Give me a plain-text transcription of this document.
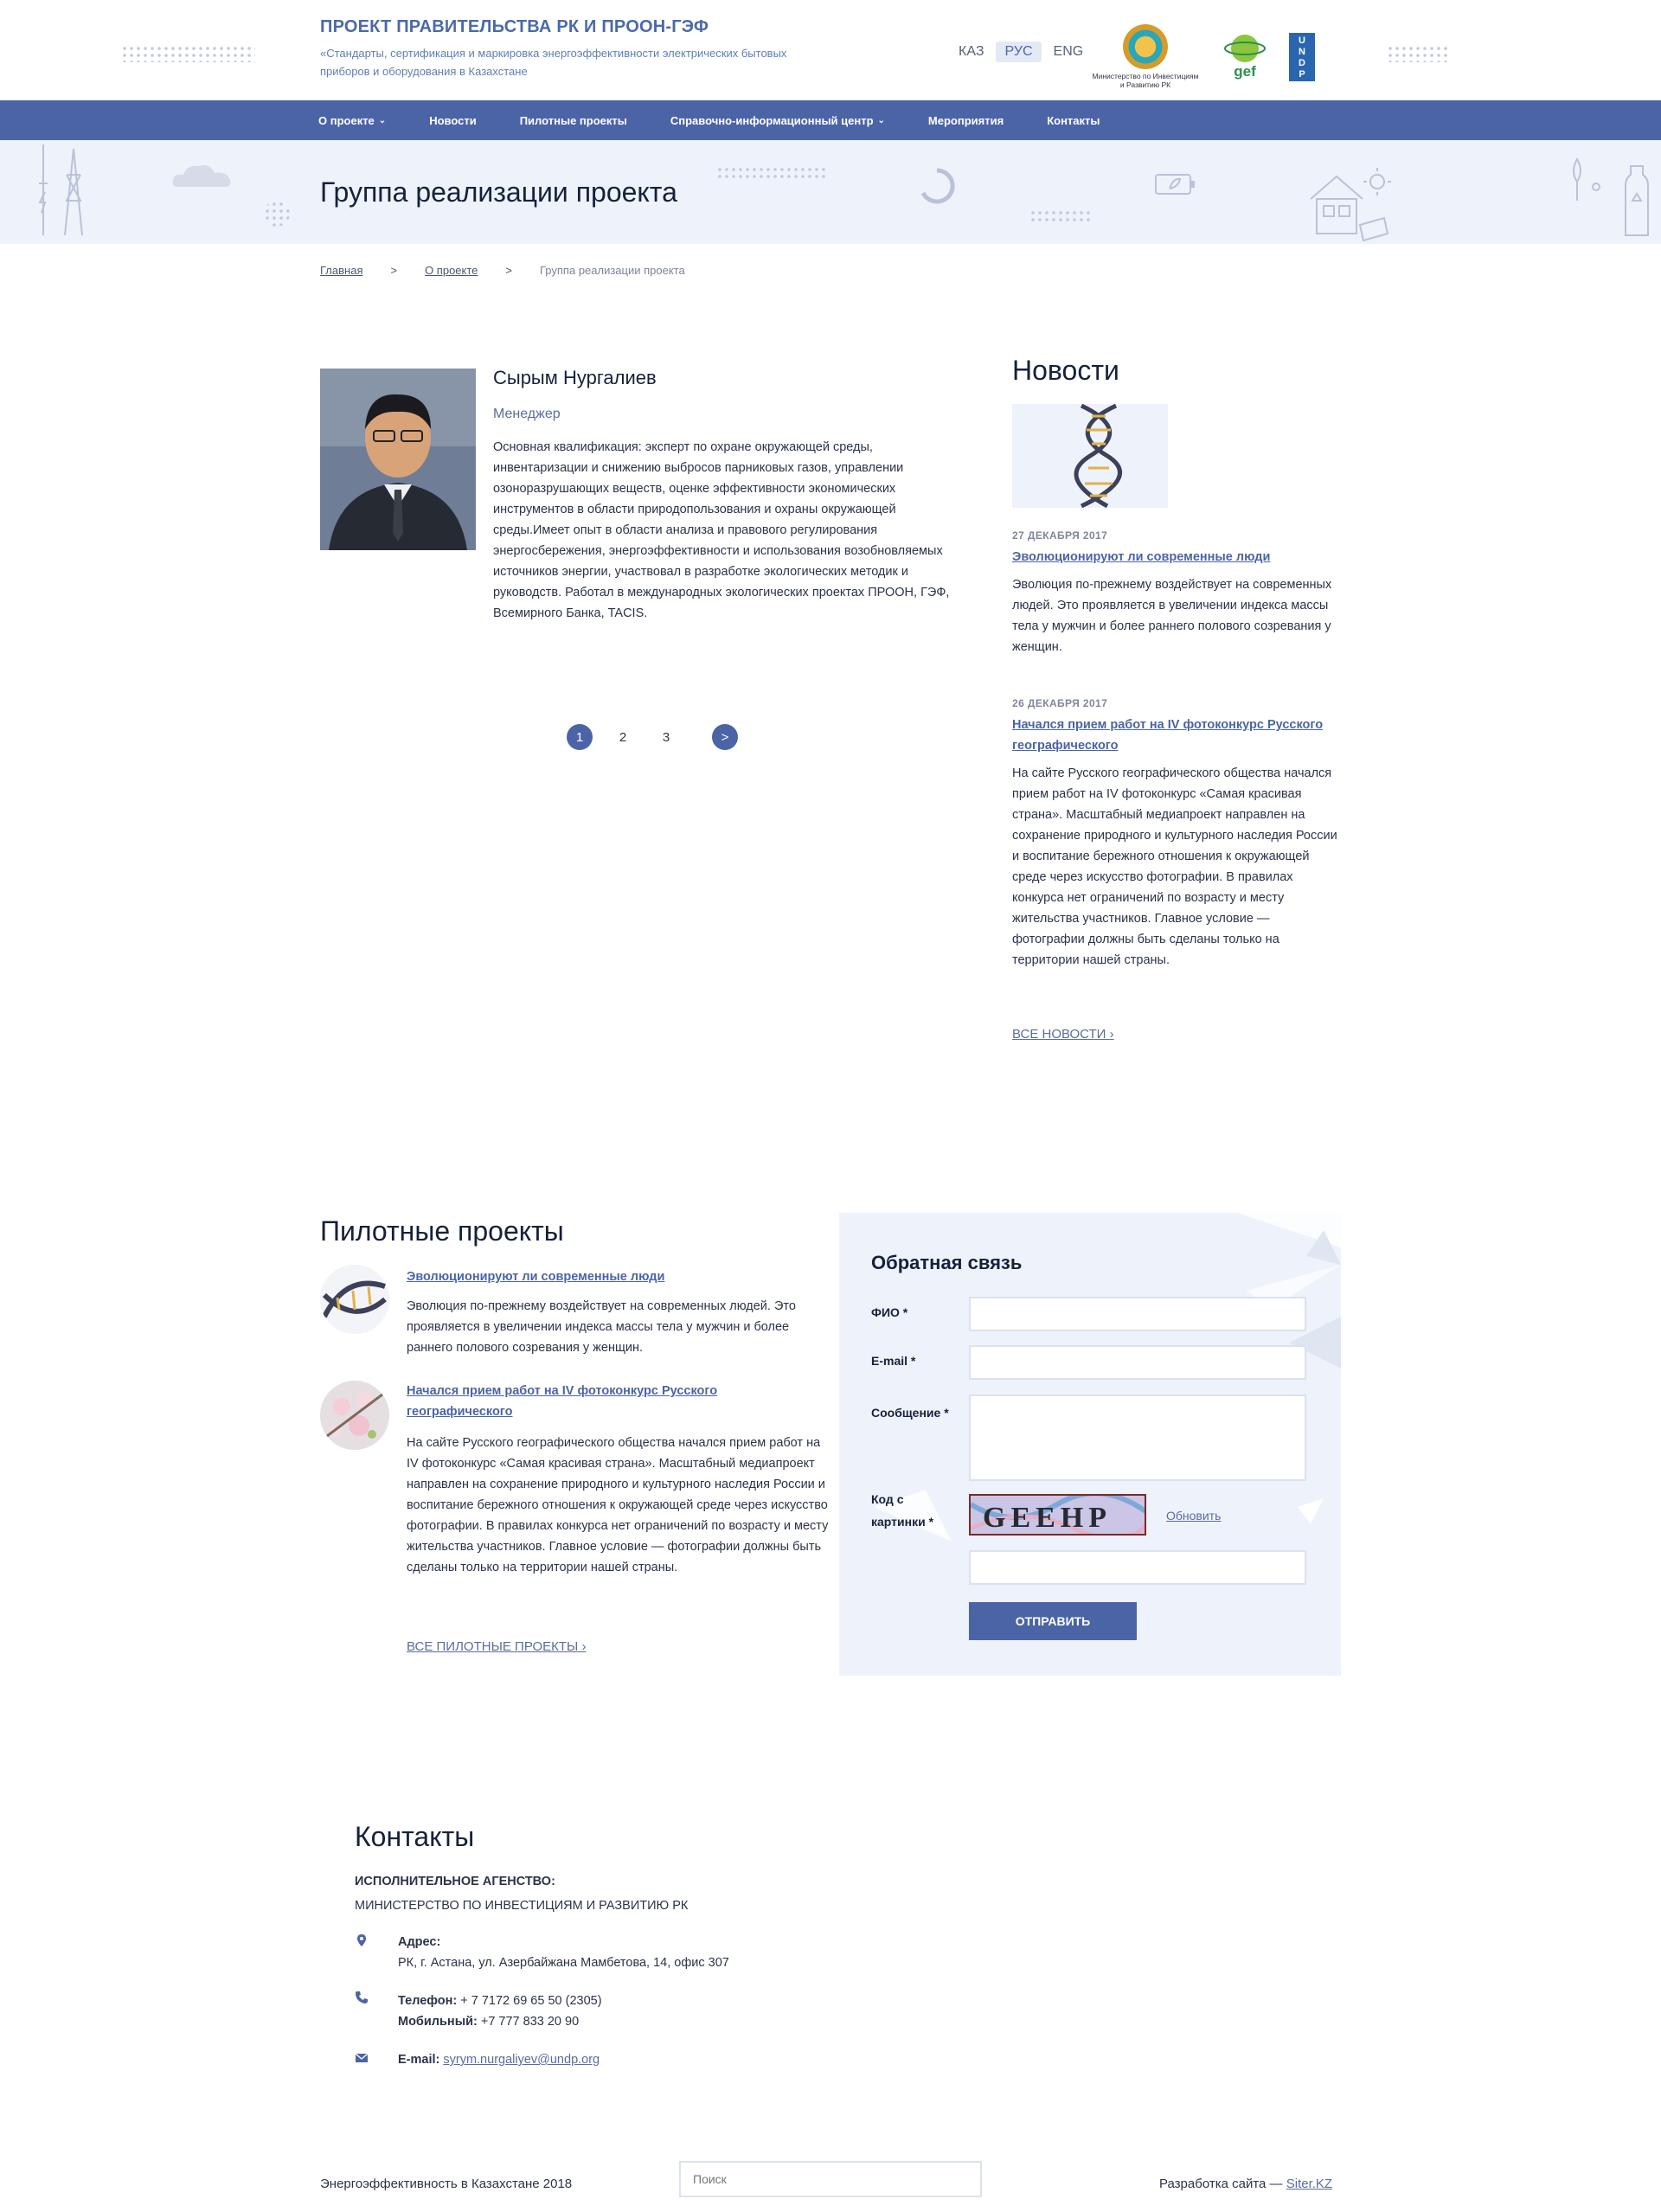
ПРОЕКТ ПРАВИТЕЛЬСТВА РК И ПРООН-ГЭФ
«Стандарты, сертификация и маркировка энергоэффективности электрических бытовых приборов и оборудования в Казахстане
КАЗ	РУС	ENG
Министерство по Инвестициям и Развитию РК
gef
U N D P
О проекте ⌄	Новости	Пилотные проекты	Справочно-информационный центр ⌄	Мероприятия	Контакты
Группа реализации проекта
Главная > О проекте > Группа реализации проекта
Сырым Нургалиев
Менеджер
Основная квалификация: эксперт по охране окружающей среды, инвентаризации и снижению выбросов парниковых газов, управлении озоноразрушающих веществ, оценке эффективности экономических инструментов в области природопользования и охраны окружающей среды.Имеет опыт в области анализа и правового регулирования энергосбережения, энергоэффективности и использования возобновляемых источников энергии, участвовал в разработке экологических методик и руководств. Работал в международных экологических проектах ПРООН, ГЭФ, Всемирного Банка, TACIS.
1	2	3	>
Новости
27 ДЕКАБРЯ 2017
Эволюционируют ли современные люди
Эволюция по-прежнему воздействует на современных людей. Это проявляется в увеличении индекса массы тела у мужчин и более раннего полового созревания у женщин.
26 ДЕКАБРЯ 2017
Начался прием работ на IV фотоконкурс Русского географического
На сайте Русского географического общества начался прием работ на IV фотоконкурс «Самая красивая страна». Масштабный медиапроект направлен на сохранение природного и культурного наследия России и воспитание бережного отношения к окружающей среде через искусство фотографии. В правилах конкурса нет ограничений по возрасту и месту жительства участников. Главное условие — фотографии должны быть сделаны только на территории нашей страны.
ВСЕ НОВОСТИ ›
Пилотные проекты
Эволюционируют ли современные люди
Эволюция по-прежнему воздействует на современных людей. Это проявляется в увеличении индекса массы тела у мужчин и более раннего полового созревания у женщин.
Начался прием работ на IV фотоконкурс Русского географического
На сайте Русского географического общества начался прием работ на IV фотоконкурс «Самая красивая страна». Масштабный медиапроект направлен на сохранение природного и культурного наследия России и воспитание бережного отношения к окружающей среде через искусство фотографии. В правилах конкурса нет ограничений по возрасту и месту жительства участников. Главное условие — фотографии должны быть сделаны только на территории нашей страны.
ВСЕ ПИЛОТНЫЕ ПРОЕКТЫ ›
Обратная связь
ФИО *
E-mail *
Сообщение *
Код с картинки *	GEEHP	Обновить
ОТПРАВИТЬ
Контакты
ИСПОЛНИТЕЛЬНОЕ АГЕНСТВО:
МИНИСТЕРСТВО ПО ИНВЕСТИЦИЯМ И РАЗВИТИЮ РК
Адрес:
РК, г. Астана, ул. Азербайжана Мамбетова, 14, офис 307
Телефон: + 7 7172 69 65 50 (2305)
Мобильный: +7 777 833 20 90
E-mail: syrym.nurgaliyev@undp.org
Энергоэффективность в Казахстане 2018
Поиск	Разработка сайта — Siter.KZ
